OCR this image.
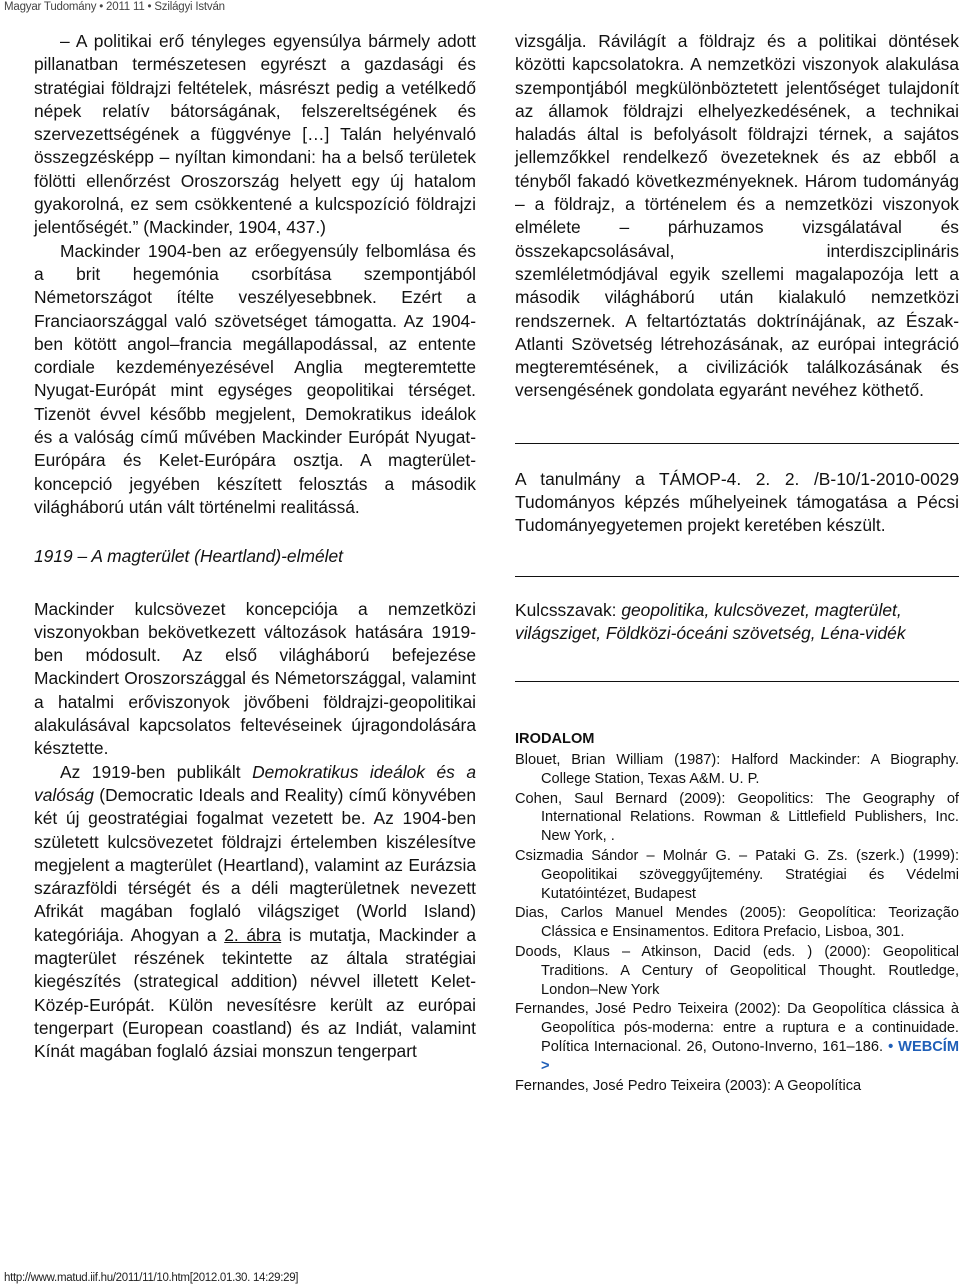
Magyar Tudomány • 2011 11 • Szilágyi István

– A politikai erő tényleges egyensúlya bármely adott pillanatban természetesen egyrészt a gazdasági és stratégiai földrajzi feltételek, másrészt pedig a vetélkedő népek relatív bátorságának, felszereltségének és szervezettségének a függvénye […] Talán helyénvaló összegzésképp – nyíltan kimondani: ha a belső területek fölötti ellenőrzést Oroszország helyett egy új hatalom gyakorolná, ez sem csökkentené a kulcspozíció földrajzi jelentőségét.” (Mackinder, 1904, 437.)

Mackinder 1904-ben az erőegyensúly felbomlása és a brit hegemónia csorbítása szempontjából Németországot ítélte veszélyesebbnek. Ezért a Franciaországgal való szövetséget támogatta. Az 1904-ben kötött angol–francia megállapodással, az entente cordiale kezdeményezésével Anglia megteremtette Nyugat-Európát mint egységes geopolitikai térséget. Tizenöt évvel később megjelent, Demokratikus ideálok és a valóság című művében Mackinder Európát Nyugat-Európára és Kelet-Európára osztja. A magterület-koncepció jegyében készített felosztás a második világháború után vált történelmi realitássá.

1919 – A magterület (Heartland)-elmélet

Mackinder kulcsövezet koncepciója a nemzetközi viszonyokban bekövetkezett változások hatására 1919-ben módosult. Az első világháború befejezése Mackindert Oroszországgal és Németországgal, valamint a hatalmi erőviszonyok jövőbeni földrajzi-geopolitikai alakulásával kapcsolatos feltevéseinek újragondolására késztette.

Az 1919-ben publikált Demokratikus ideálok és a valóság (Democratic Ideals and Reality) című könyvében két új geostratégiai fogalmat vezetett be. Az 1904-ben született kulcsövezetet földrajzi értelemben kiszélesítve megjelent a magterület (Heartland), valamint az Eurázsia szárazföldi térségét és a déli magterületnek nevezett Afrikát magában foglaló világsziget (World Island) kategóriája. Ahogyan a 2. ábra is mutatja, Mackinder a magterület részének tekintette az általa stratégiai kiegészítés (strategical addition) névvel illetett Kelet-Közép-Európát. Külön nevesítésre került az európai tengerpart (European coastland) és az Indiát, valamint Kínát magában foglaló ázsiai monszun tengerpart

vizsgálja. Rávilágít a földrajz és a politikai döntések közötti kapcsolatokra. A nemzetközi viszonyok alakulása szempontjából megkülönböztetett jelentőséget tulajdonít az államok földrajzi elhelyezkedésének, a technikai haladás által is befolyásolt földrajzi térnek, a sajátos jellemzőkkel rendelkező övezeteknek és az ebből a tényből fakadó következményeknek. Három tudományág – a földrajz, a történelem és a nemzetközi viszonyok elmélete – párhuzamos vizsgálatával és összekapcsolásával, interdiszciplináris szemléletmódjával egyik szellemi magalapozója lett a második világháború után kialakuló nemzetközi rendszernek. A feltartóztatás doktrínájának, az Észak- Atlanti Szövetség létrehozásának, az európai integráció megteremtésének, a civilizációk találkozásának és versengésének gondolata egyaránt nevéhez köthető.

A tanulmány a TÁMOP-4. 2. 2. /B-10/1-2010-0029 Tudományos képzés műhelyeinek támogatása a Pécsi Tudományegyetemen projekt keretében készült.

Kulcsszavak: geopolitika, kulcsövezet, magterület, világsziget, Földközi-óceáni szövetség, Léna-vidék

IRODALOM

Blouet, Brian William (1987): Halford Mackinder: A Biography. College Station, Texas A&M. U. P.

Cohen, Saul Bernard (2009): Geopolitics: The Geography of International Relations. Rowman & Littlefield Publishers, Inc. New York, .

Csizmadia Sándor – Molnár G. – Pataki G. Zs. (szerk.) (1999): Geopolitikai szöveggyűjtemény. Stratégiai és Védelmi Kutatóintézet, Budapest

Dias, Carlos Manuel Mendes (2005): Geopolítica: Teorização Clássica e Ensinamentos. Editora Prefacio, Lisboa, 301.

Doods, Klaus – Atkinson, Dacid (eds. ) (2000): Geopolitical Traditions. A Century of Geopolitical Thought. Routledge, London–New York

Fernandes, José Pedro Teixeira (2002): Da Geopolítica clássica à Geopolítica pós-moderna: entre a ruptura e a continuidade. Política Internacional. 26, Outono-Inverno, 161–186. • WEBCÍM >

Fernandes, José Pedro Teixeira (2003): A Geopolítica

http://www.matud.iif.hu/2011/11/10.htm[2012.01.30. 14:29:29]
